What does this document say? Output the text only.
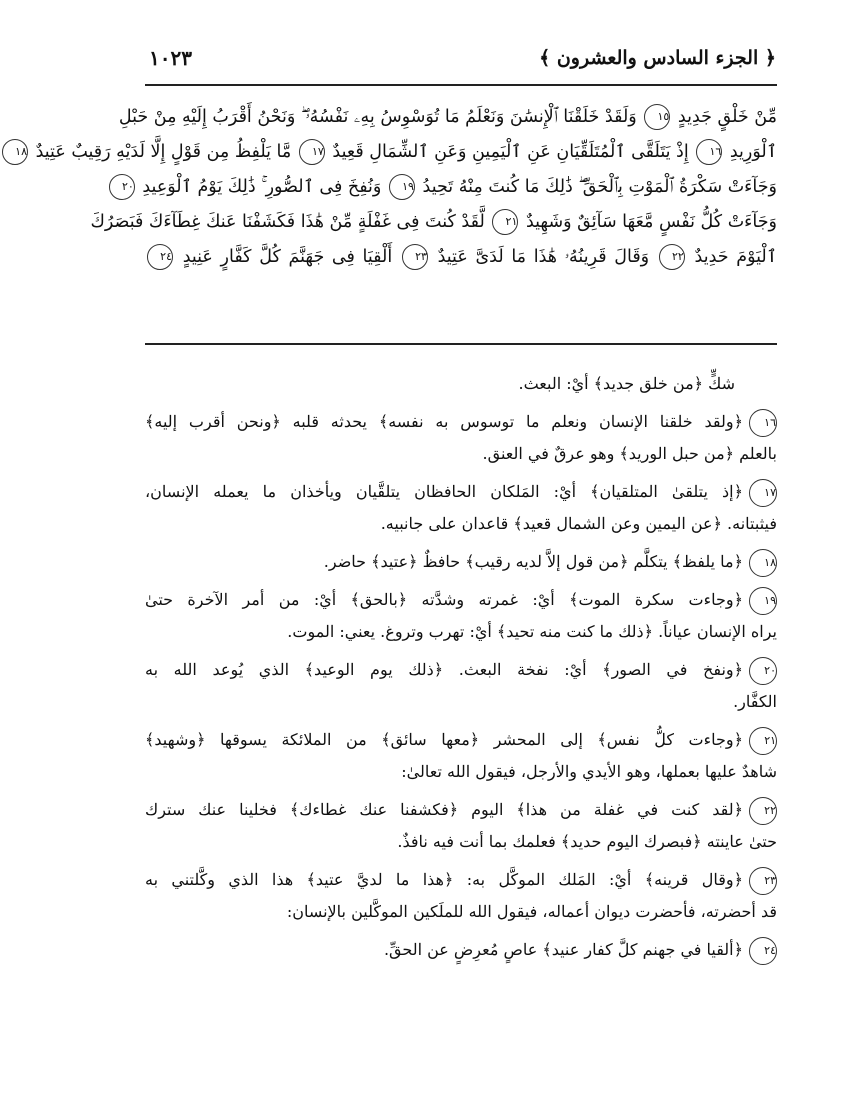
﴿ الجزء السادس والعشرون ﴾
١٠٢٣
مِّنْ خَلْقٍ جَدِيدٍ ١٥ وَلَقَدْ خَلَقْنَا ٱلْإِنسَٰنَ وَنَعْلَمُ مَا تُوَسْوِسُ بِهِۦ نَفْسُهُۥ ۖ وَنَحْنُ أَقْرَبُ إِلَيْهِ مِنْ حَبْلِ
ٱلْوَرِيدِ ١٦ إِذْ يَتَلَقَّى ٱلْمُتَلَقِّيَانِ عَنِ ٱلْيَمِينِ وَعَنِ ٱلشِّمَالِ قَعِيدٌ ١٧ مَّا يَلْفِظُ مِن قَوْلٍ إِلَّا لَدَيْهِ رَقِيبٌ عَتِيدٌ ١٨
وَجَآءَتْ سَكْرَةُ ٱلْمَوْتِ بِٱلْحَقِّ ۖ ذَٰلِكَ مَا كُنتَ مِنْهُ تَحِيدُ ١٩ وَنُفِخَ فِى ٱلصُّورِ ۚ ذَٰلِكَ يَوْمُ ٱلْوَعِيدِ ٢٠
وَجَآءَتْ كُلُّ نَفْسٍ مَّعَهَا سَآئِقٌ وَشَهِيدٌ ٢١ لَّقَدْ كُنتَ فِى غَفْلَةٍ مِّنْ هَٰذَا فَكَشَفْنَا عَنكَ غِطَآءَكَ فَبَصَرُكَ
ٱلْيَوْمَ حَدِيدٌ ٢٢ وَقَالَ قَرِينُهُۥ هَٰذَا مَا لَدَىَّ عَتِيدٌ ٢٣ أَلْقِيَا فِى جَهَنَّمَ كُلَّ كَفَّارٍ عَنِيدٍ ٢٤
شكٍّ ﴿من خلق جديد﴾ أيْ: البعث.
١٦﴿ولقد خلقنا الإنسان ونعلم ما توسوس به نفسه﴾ يحدثه قلبه ﴿ونحن أقرب إليه﴾
بالعلم ﴿من حبل الوريد﴾ وهو عرقٌ في العنق.
١٧﴿إذ يتلقىٰ المتلقيان﴾ أيْ: المَلكان الحافظان يتلقَّيان ويأخذان ما يعمله الإنسان،
فيثبتانه. ﴿عن اليمين وعن الشمال قعيد﴾ قاعدان على جانبيه.
١٨﴿ما يلفظ﴾ يتكلَّم ﴿من قول إلاَّ لديه رقيب﴾ حافظٌ ﴿عتيد﴾ حاضر.
١٩﴿وجاءت سكرة الموت﴾ أيْ: غمرته وشدَّته ﴿بالحق﴾ أيْ: من أمر الآخرة حتىٰ
يراه الإنسان عياناً. ﴿ذلك ما كنت منه تحيد﴾ أيْ: تهرب وتروغ. يعني: الموت.
٢٠﴿ونفخ في الصور﴾ أيْ: نفخة البعث. ﴿ذلك يوم الوعيد﴾ الذي يُوعد الله به
الكفَّار.
٢١﴿وجاءت كلُّ نفس﴾ إلى المحشر ﴿معها سائق﴾ من الملائكة يسوقها ﴿وشهيد﴾
شاهدٌ عليها بعملها، وهو الأيدي والأرجل، فيقول الله تعالىٰ:
٢٢﴿لقد كنت في غفلة من هذا﴾ اليوم ﴿فكشفنا عنك غطاءك﴾ فخلينا عنك سترك
حتىٰ عاينته ﴿فبصرك اليوم حديد﴾ فعلمك بما أنت فيه نافذٌ.
٢٣﴿وقال قرينه﴾ أيْ: المَلك الموكَّل به: ﴿هذا ما لديَّ عتيد﴾ هذا الذي وكَّلتني به
قد أحضرته، فأحضرت ديوان أعماله، فيقول الله للملَكين الموكَّلين بالإنسان:
٢٤﴿ألقيا في جهنم كلَّ كفار عنيد﴾ عاصٍ مُعرِضٍ عن الحقِّ.
